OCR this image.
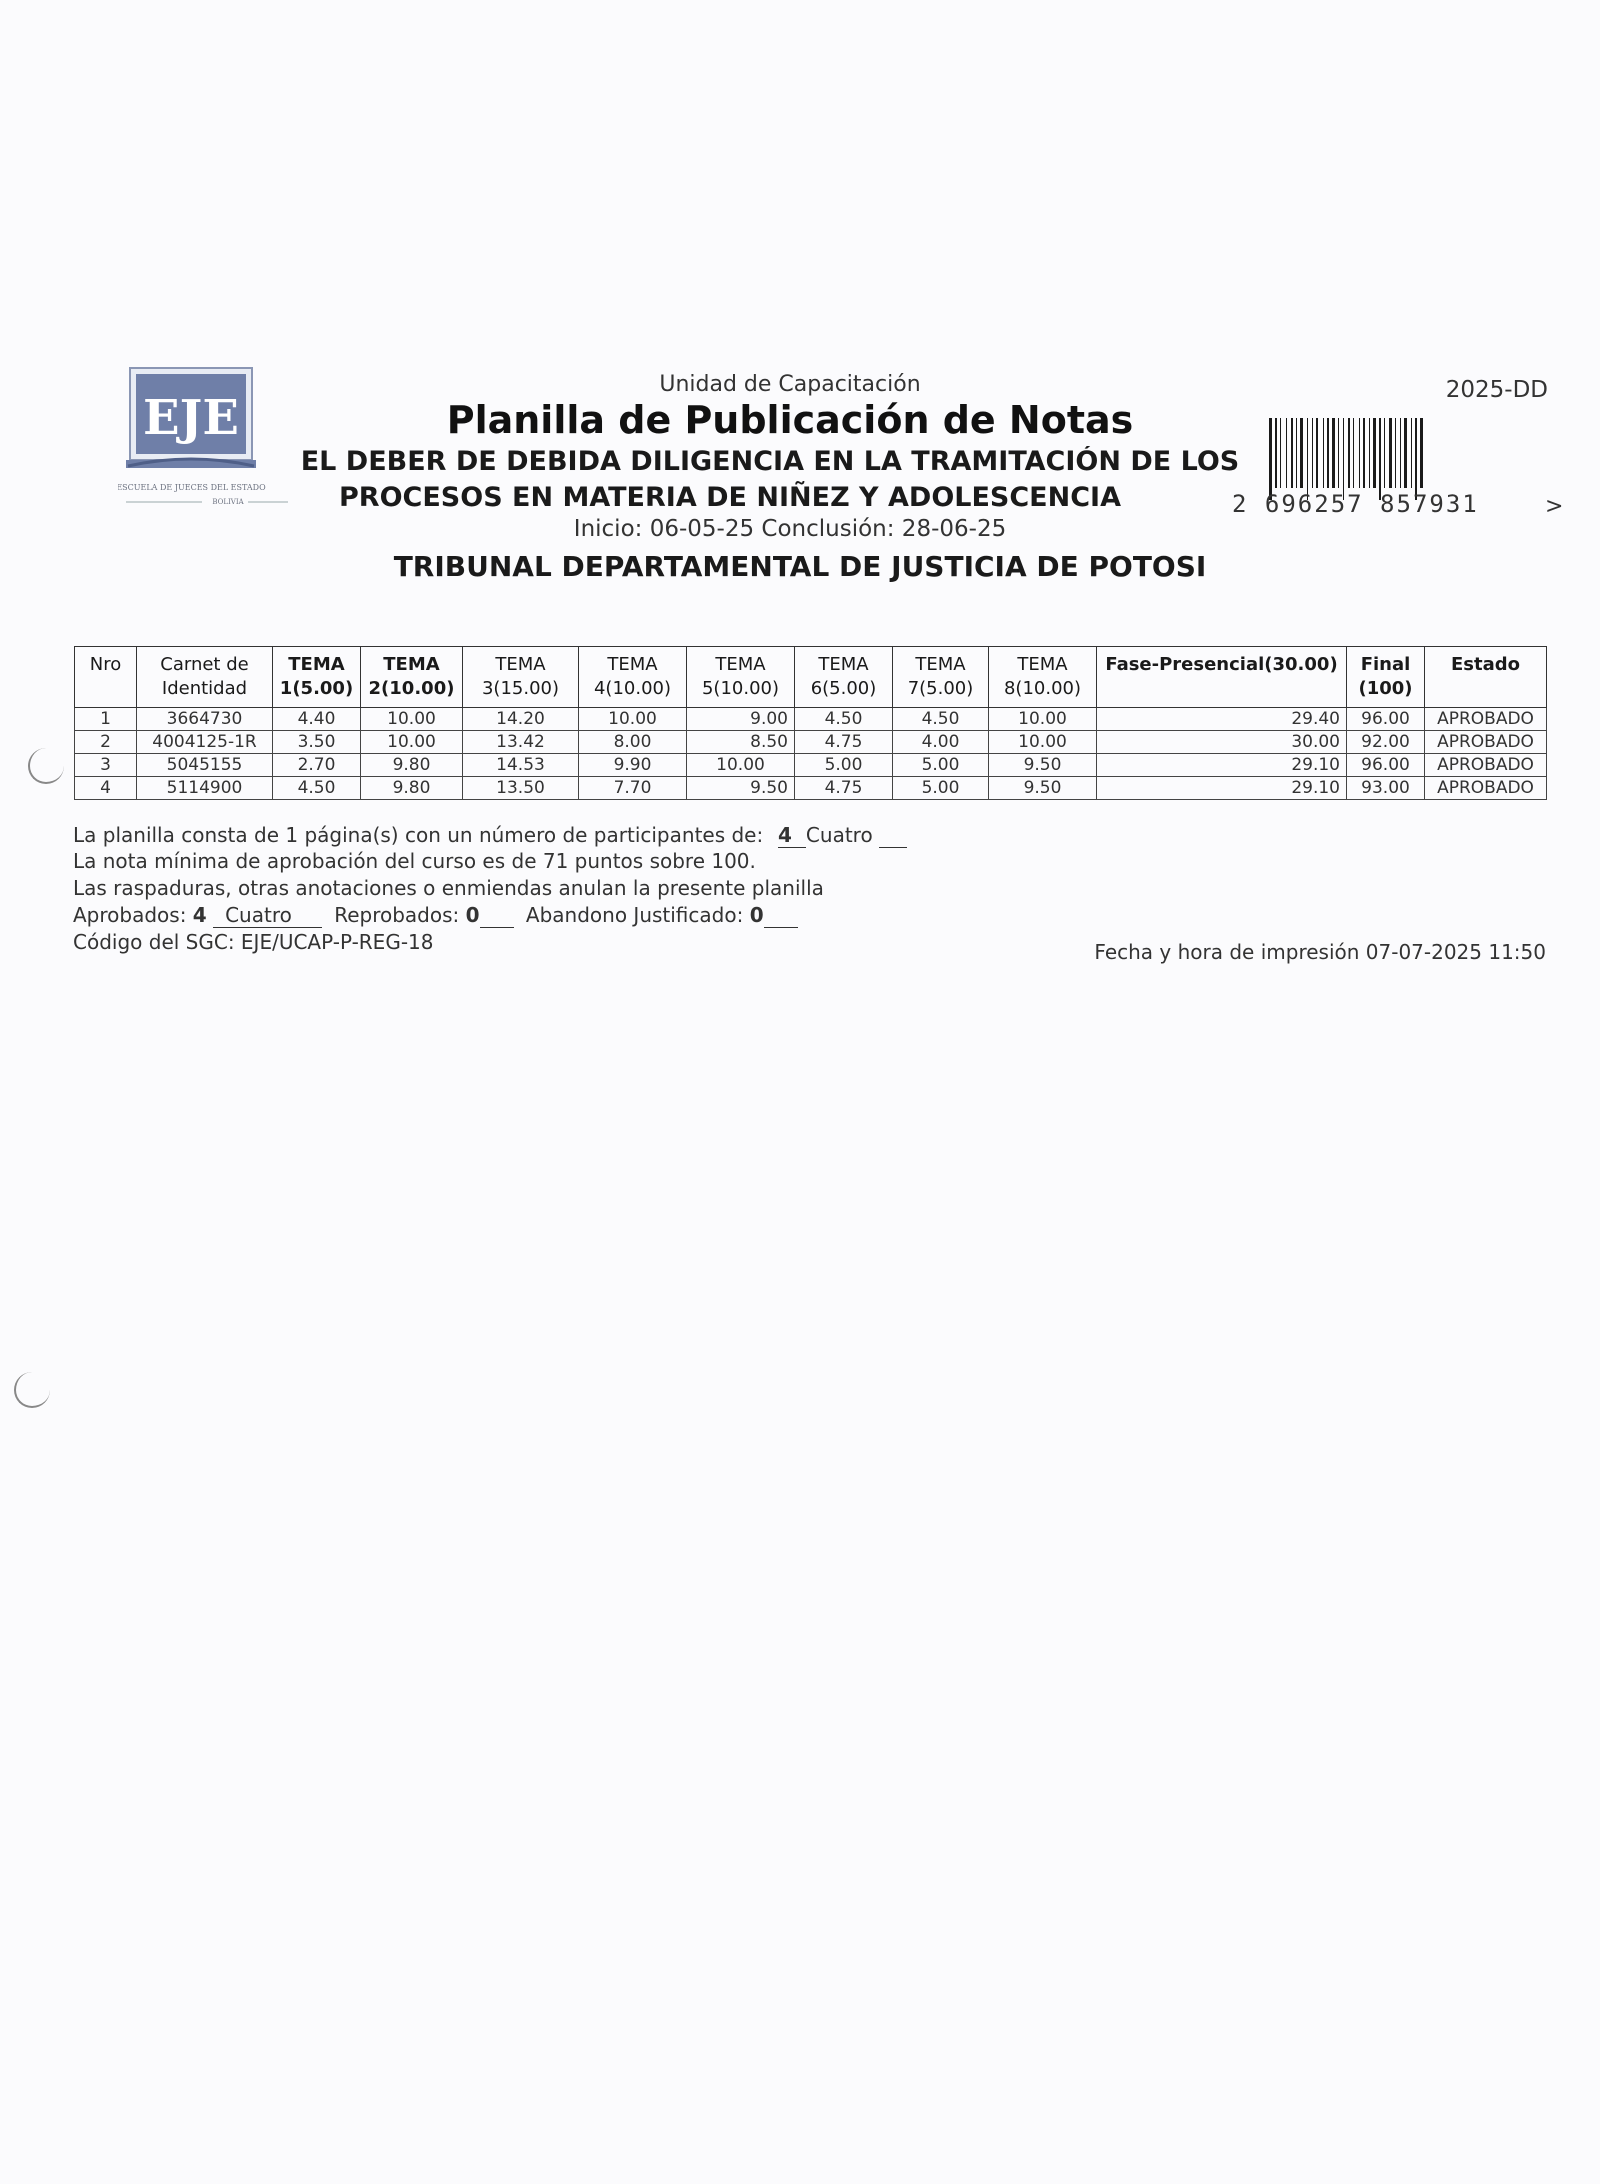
EJE
ESCUELA DE JUECES DEL ESTADO
BOLIVIA
Unidad de Capacitación
Planilla de Publicación de Notas
EL DEBER DE DEBIDA DILIGENCIA EN LA TRAMITACIÓN DE LOS
PROCESOS EN MATERIA DE NIÑEZ Y ADOLESCENCIA
Inicio: 06-05-25 Conclusión: 28-06-25
TRIBUNAL DEPARTAMENTAL DE JUSTICIA DE POTOSI
2025-DD
2 696257 857931	>
Nro	Carnet de Identidad	TEMA 1(5.00)	TEMA 2(10.00)	TEMA 3(15.00)	TEMA 4(10.00)	TEMA 5(10.00)	TEMA 6(5.00)	TEMA 7(5.00)	TEMA 8(10.00)	Fase-Presencial(30.00)	Final (100)	Estado
1	3664730	4.40	10.00	14.20	10.00	9.00	4.50	4.50	10.00	29.40	96.00	APROBADO
2	4004125-1R	3.50	10.00	13.42	8.00	8.50	4.75	4.00	10.00	30.00	92.00	APROBADO
3	5045155	2.70	9.80	14.53	9.90	10.00	5.00	5.00	9.50	29.10	96.00	APROBADO
4	5114900	4.50	9.80	13.50	7.70	9.50	4.75	5.00	9.50	29.10	93.00	APROBADO
La planilla consta de 1 página(s) con un número de participantes de: 4 Cuatro
La nota mínima de aprobación del curso es de 71 puntos sobre 100.
Las raspaduras, otras anotaciones o enmiendas anulan la presente planilla
Aprobados: 4 Cuatro Reprobados: 0 Abandono Justificado: 0
Código del SGC: EJE/UCAP-P-REG-18	Fecha y hora de impresión 07-07-2025 11:50
